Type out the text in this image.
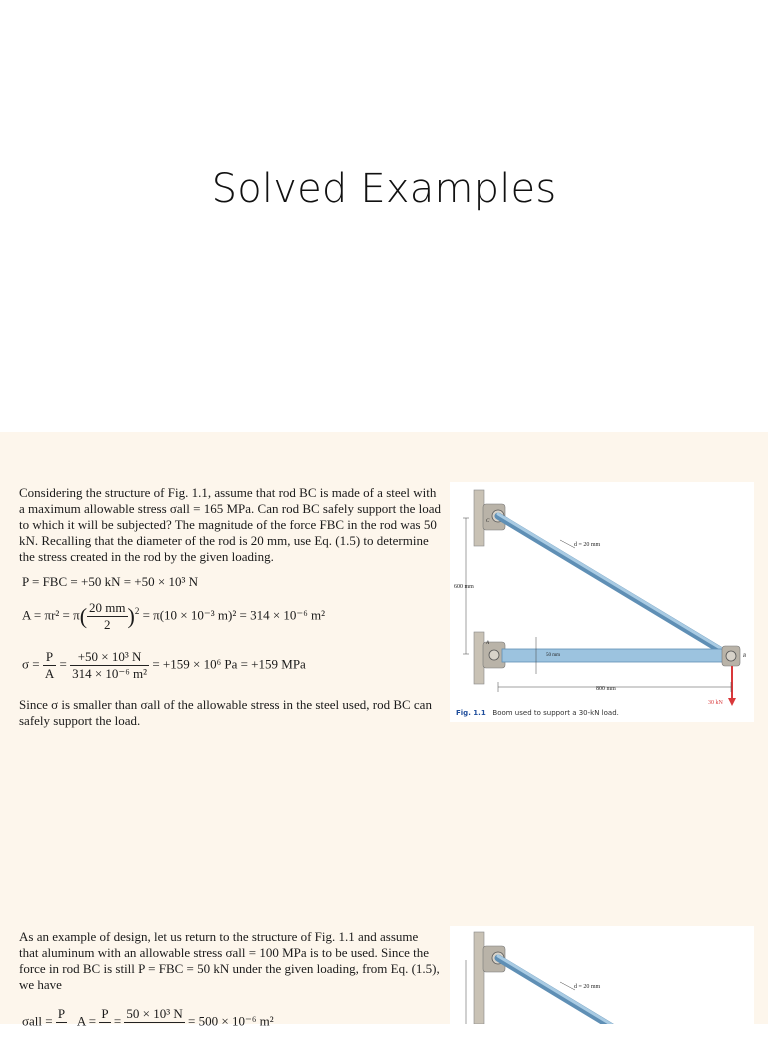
Solved Examples
Considering the structure of Fig. 1.1, assume that rod BC is made of a steel with a maximum allowable stress σall = 165 MPa. Can rod BC safely support the load to which it will be subjected? The magnitude of the force FBC in the rod was 50 kN. Recalling that the diameter of the rod is 20 mm, use Eq. (1.5) to determine the stress created in the rod by the given loading.
P = FBC = +50 kN = +50 × 10³ N
$A = \pi r^2 = \pi( \frac{20 mm}{2} )^2 = \pi(10 \times 10^{-3}$ m)² = 314 × 10⁻⁶ m²
$\sigma = \frac{P}{A} = \frac{\text{+50 × 10³ N}}{\text{314 × 10⁻⁶ m²}} = +159 \times 10^6$ Pa = +159 MPa
Since σ is smaller than σall of the allowable stress in the steel used, rod BC can safely support the load.
d = 20 mm
600 mm
50 mm
800 mm
30 kN
A
B
C
Fig. 1.1 Boom used to support a 30-kN load.
As an example of design, let us return to the structure of Fig. 1.1 and assume that aluminum with an allowable stress σall = 100 MPa is to be used. Since the force in rod BC is still P = FBC = 50 kN under the given loading, from Eq. (1.5), we have
σall = P
A = P
= 50 × 10³ N
= 500 × 10⁻⁶ m²
d = 20 mm
